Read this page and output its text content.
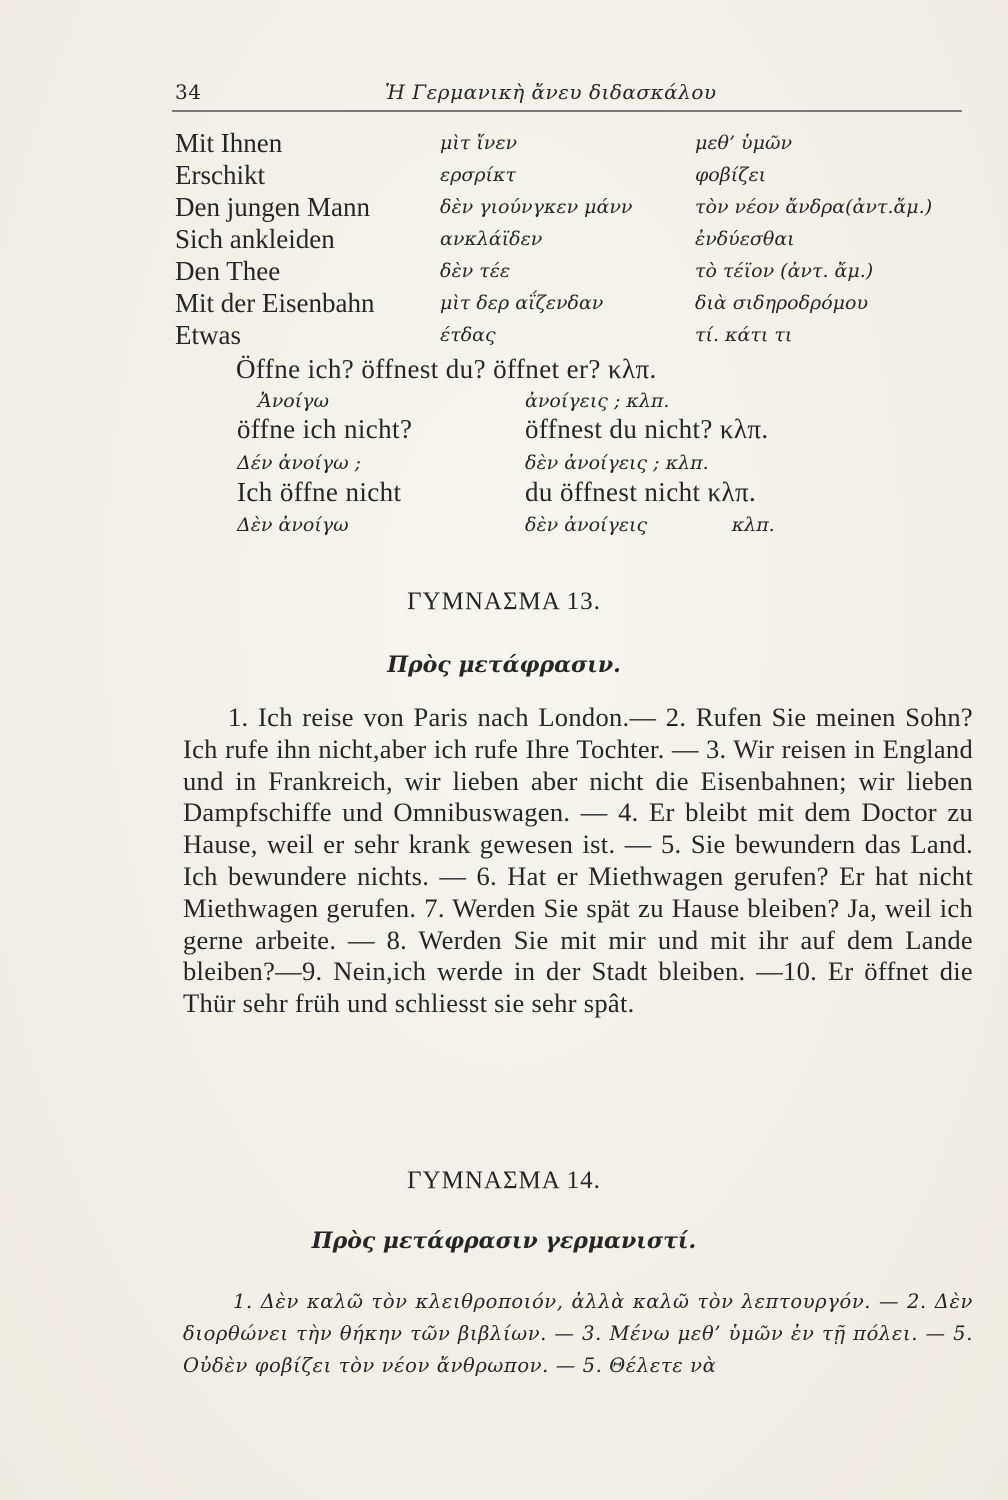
34	Ἡ Γερμανικὴ ἄνευ διδασκάλου
Mit Ihnen	μὶτ ἴνεν	μεθ’ ὑμῶν
Erschikt	ερσρίκτ	φοβίζει
Den jungen Mann	δὲν γιούνγκεν μάνν	τὸν νέον ἄνδρα(ἀντ.ἄμ.)
Sich ankleiden	ανκλάϊδεν	ἐνδύεσθαι
Den Thee	δὲν τέε	τὸ τέϊον (ἀντ. ἄμ.)
Mit der Eisenbahn	μὶτ δερ αΐζενδαν	διὰ σιδηροδρόμου
Etwas	έτδας	τί. κάτι τι
Öffne ich? öffnest du? öffnet er? κλπ.
Ἀνοίγω	ἀνοίγεις ; κλπ.
öffne ich nicht?	öffnest du nicht? κλπ.
Δέν ἀνοίγω ;	δὲν ἀνοίγεις ; κλπ.
Ich öffne nicht	du öffnest nicht κλπ.
Δὲν ἀνοίγω	δὲν ἀνοίγεις              κλπ.
ΓΥΜΝΑΣΜΑ 13.
Πρὸς μετάφρασιν.
1. Ich reise von Paris nach London.— 2. Rufen Sie meinen Sohn?Ich rufe ihn nicht,aber ich rufe Ihre Tochter. — 3. Wir reisen in England und in Frankreich, wir lieben aber nicht die Eisenbahnen; wir lieben Dampfschiffe und Omnibuswagen. — 4. Er bleibt mit dem Doctor zu Hause, weil er sehr krank gewesen ist. — 5. Sie bewundern das Land. Ich bewundere nichts. — 6. Hat er Miethwagen gerufen? Er hat nicht Miethwagen gerufen. 7. Werden Sie spät zu Hause bleiben? Ja, weil ich gerne arbeite. — 8. Werden Sie mit mir und mit ihr auf dem Lande bleiben?—9. Nein,ich werde in der Stadt bleiben. —10. Er öffnet die Thür sehr früh und schliesst sie sehr spât.
ΓΥΜΝΑΣΜΑ 14.
Πρὸς μετάφρασιν γερμανιστί.
1. Δὲν καλῶ τὸν κλειθροποιόν, ἀλλὰ καλῶ τὸν λεπτουργόν. — 2. Δὲν διορθώνει τὴν θήκην τῶν βιβλίων. — 3. Μένω μεθ’ ὑμῶν ἐν τῇ πόλει. — 5. Οὐδὲν φοβίζει τὸν νέον ἄνθρωπον. — 5. Θέλετε νὰ
